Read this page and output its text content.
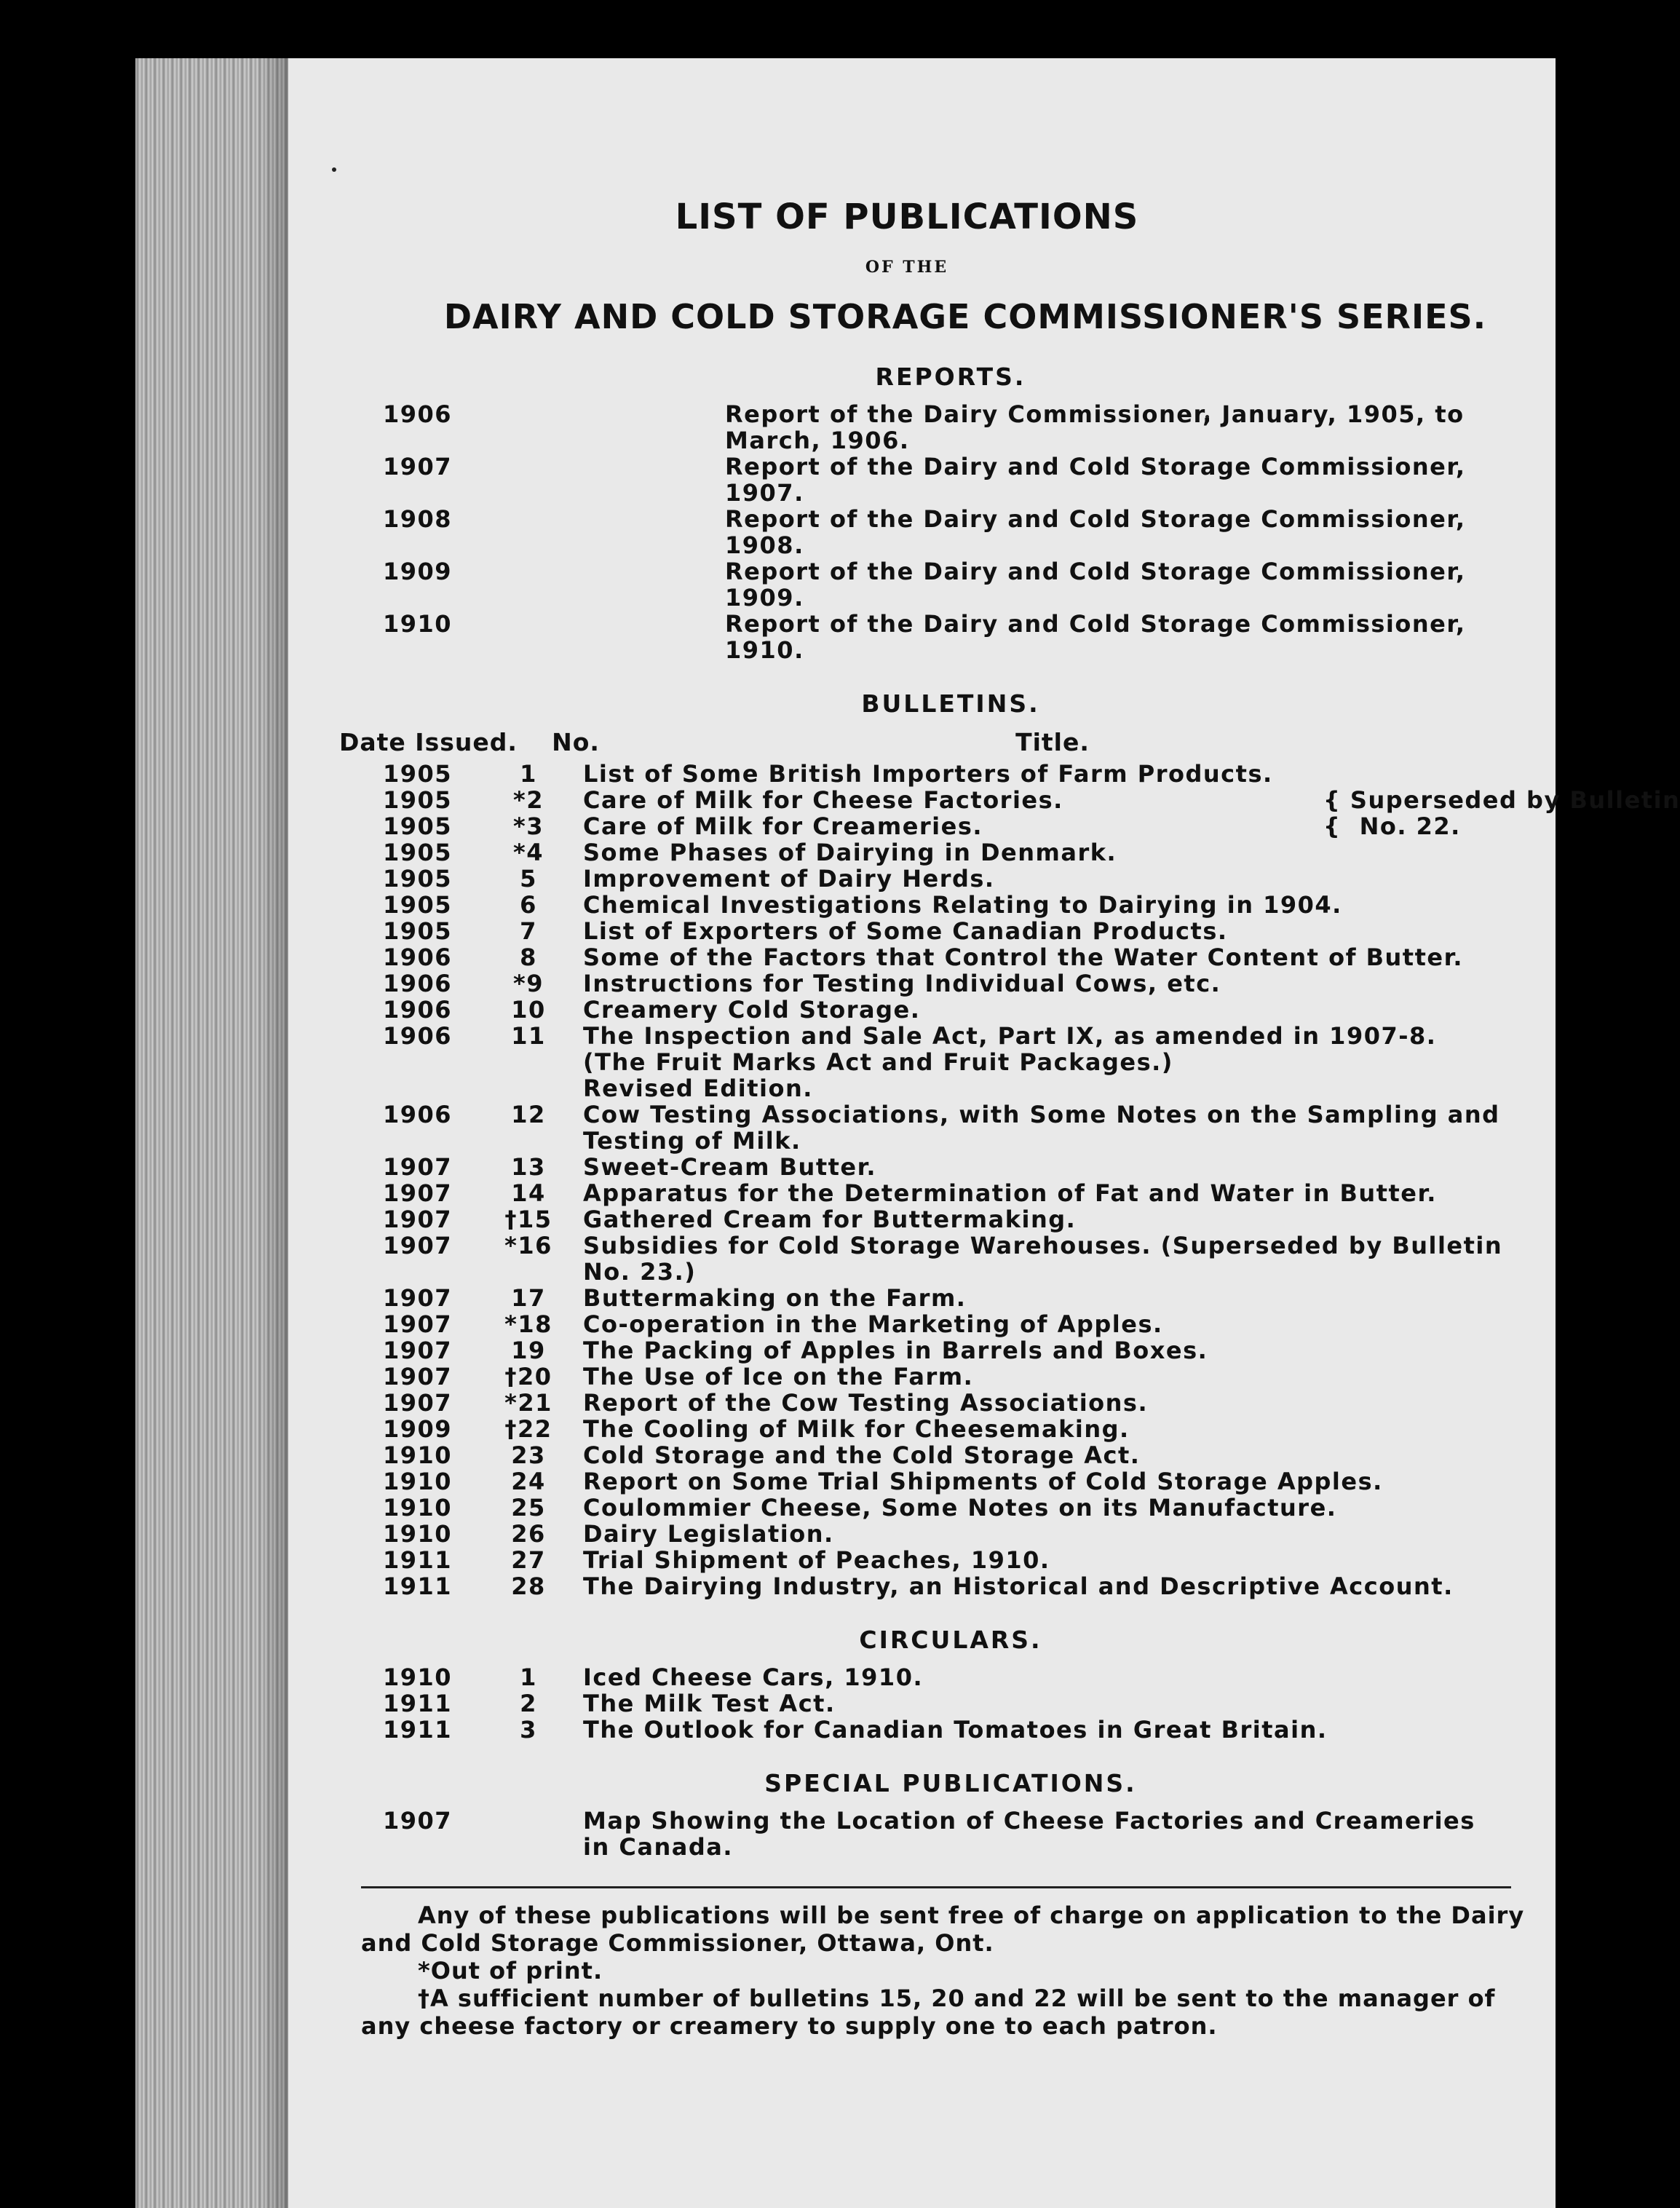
LIST OF PUBLICATIONS
OF THE
DAIRY AND COLD STORAGE COMMISSIONER'S SERIES.
REPORTS.
1906	Report of the Dairy Commissioner, January, 1905, to March, 1906.
1907	Report of the Dairy and Cold Storage Commissioner, 1907.
1908	Report of the Dairy and Cold Storage Commissioner, 1908.
1909	Report of the Dairy and Cold Storage Commissioner, 1909.
1910	Report of the Dairy and Cold Storage Commissioner, 1910.
BULLETINS.
Date Issued.	No.	Title.
1905	1	List of Some British Importers of Farm Products.
1905	*2	Care of Milk for Cheese Factories.
1905	*3	Care of Milk for Creameries.
1905	*4	Some Phases of Dairying in Denmark.
1905	5	Improvement of Dairy Herds.
1905	6	Chemical Investigations Relating to Dairying in 1904.
1905	7	List of Exporters of Some Canadian Products.
1906	8	Some of the Factors that Control the Water Content of Butter.
1906	*9	Instructions for Testing Individual Cows, etc.
1906	10	Creamery Cold Storage.
1906	11	The Inspection and Sale Act, Part IX, as amended in 1907-8.
(The Fruit Marks Act and Fruit Packages.)
Revised Edition.
1906	12	Cow Testing Associations, with Some Notes on the Sampling and
Testing of Milk.
1907	13	Sweet-Cream Butter.
1907	14	Apparatus for the Determination of Fat and Water in Butter.
1907	†15	Gathered Cream for Buttermaking.
1907	*16	Subsidies for Cold Storage Warehouses. (Superseded by Bulletin
No. 23.)
1907	17	Buttermaking on the Farm.
1907	*18	Co-operation in the Marketing of Apples.
1907	19	The Packing of Apples in Barrels and Boxes.
1907	†20	The Use of Ice on the Farm.
1907	*21	Report of the Cow Testing Associations.
1909	†22	The Cooling of Milk for Cheesemaking.
1910	23	Cold Storage and the Cold Storage Act.
1910	24	Report on Some Trial Shipments of Cold Storage Apples.
1910	25	Coulommier Cheese, Some Notes on its Manufacture.
1910	26	Dairy Legislation.
1911	27	Trial Shipment of Peaches, 1910.
1911	28	The Dairying Industry, an Historical and Descriptive Account.
{ Superseded by Bulletin
{  No. 22.
CIRCULARS.
1910	1	Iced Cheese Cars, 1910.
1911	2	The Milk Test Act.
1911	3	The Outlook for Canadian Tomatoes in Great Britain.
SPECIAL PUBLICATIONS.
1907	Map Showing the Location of Cheese Factories and Creameries
in Canada.

Any of these publications will be sent free of charge on application to the Dairy and Cold Storage Commissioner, Ottawa, Ont.

*Out of print.

†A sufficient number of bulletins 15, 20 and 22 will be sent to the manager of any cheese factory or creamery to supply one to each patron.
